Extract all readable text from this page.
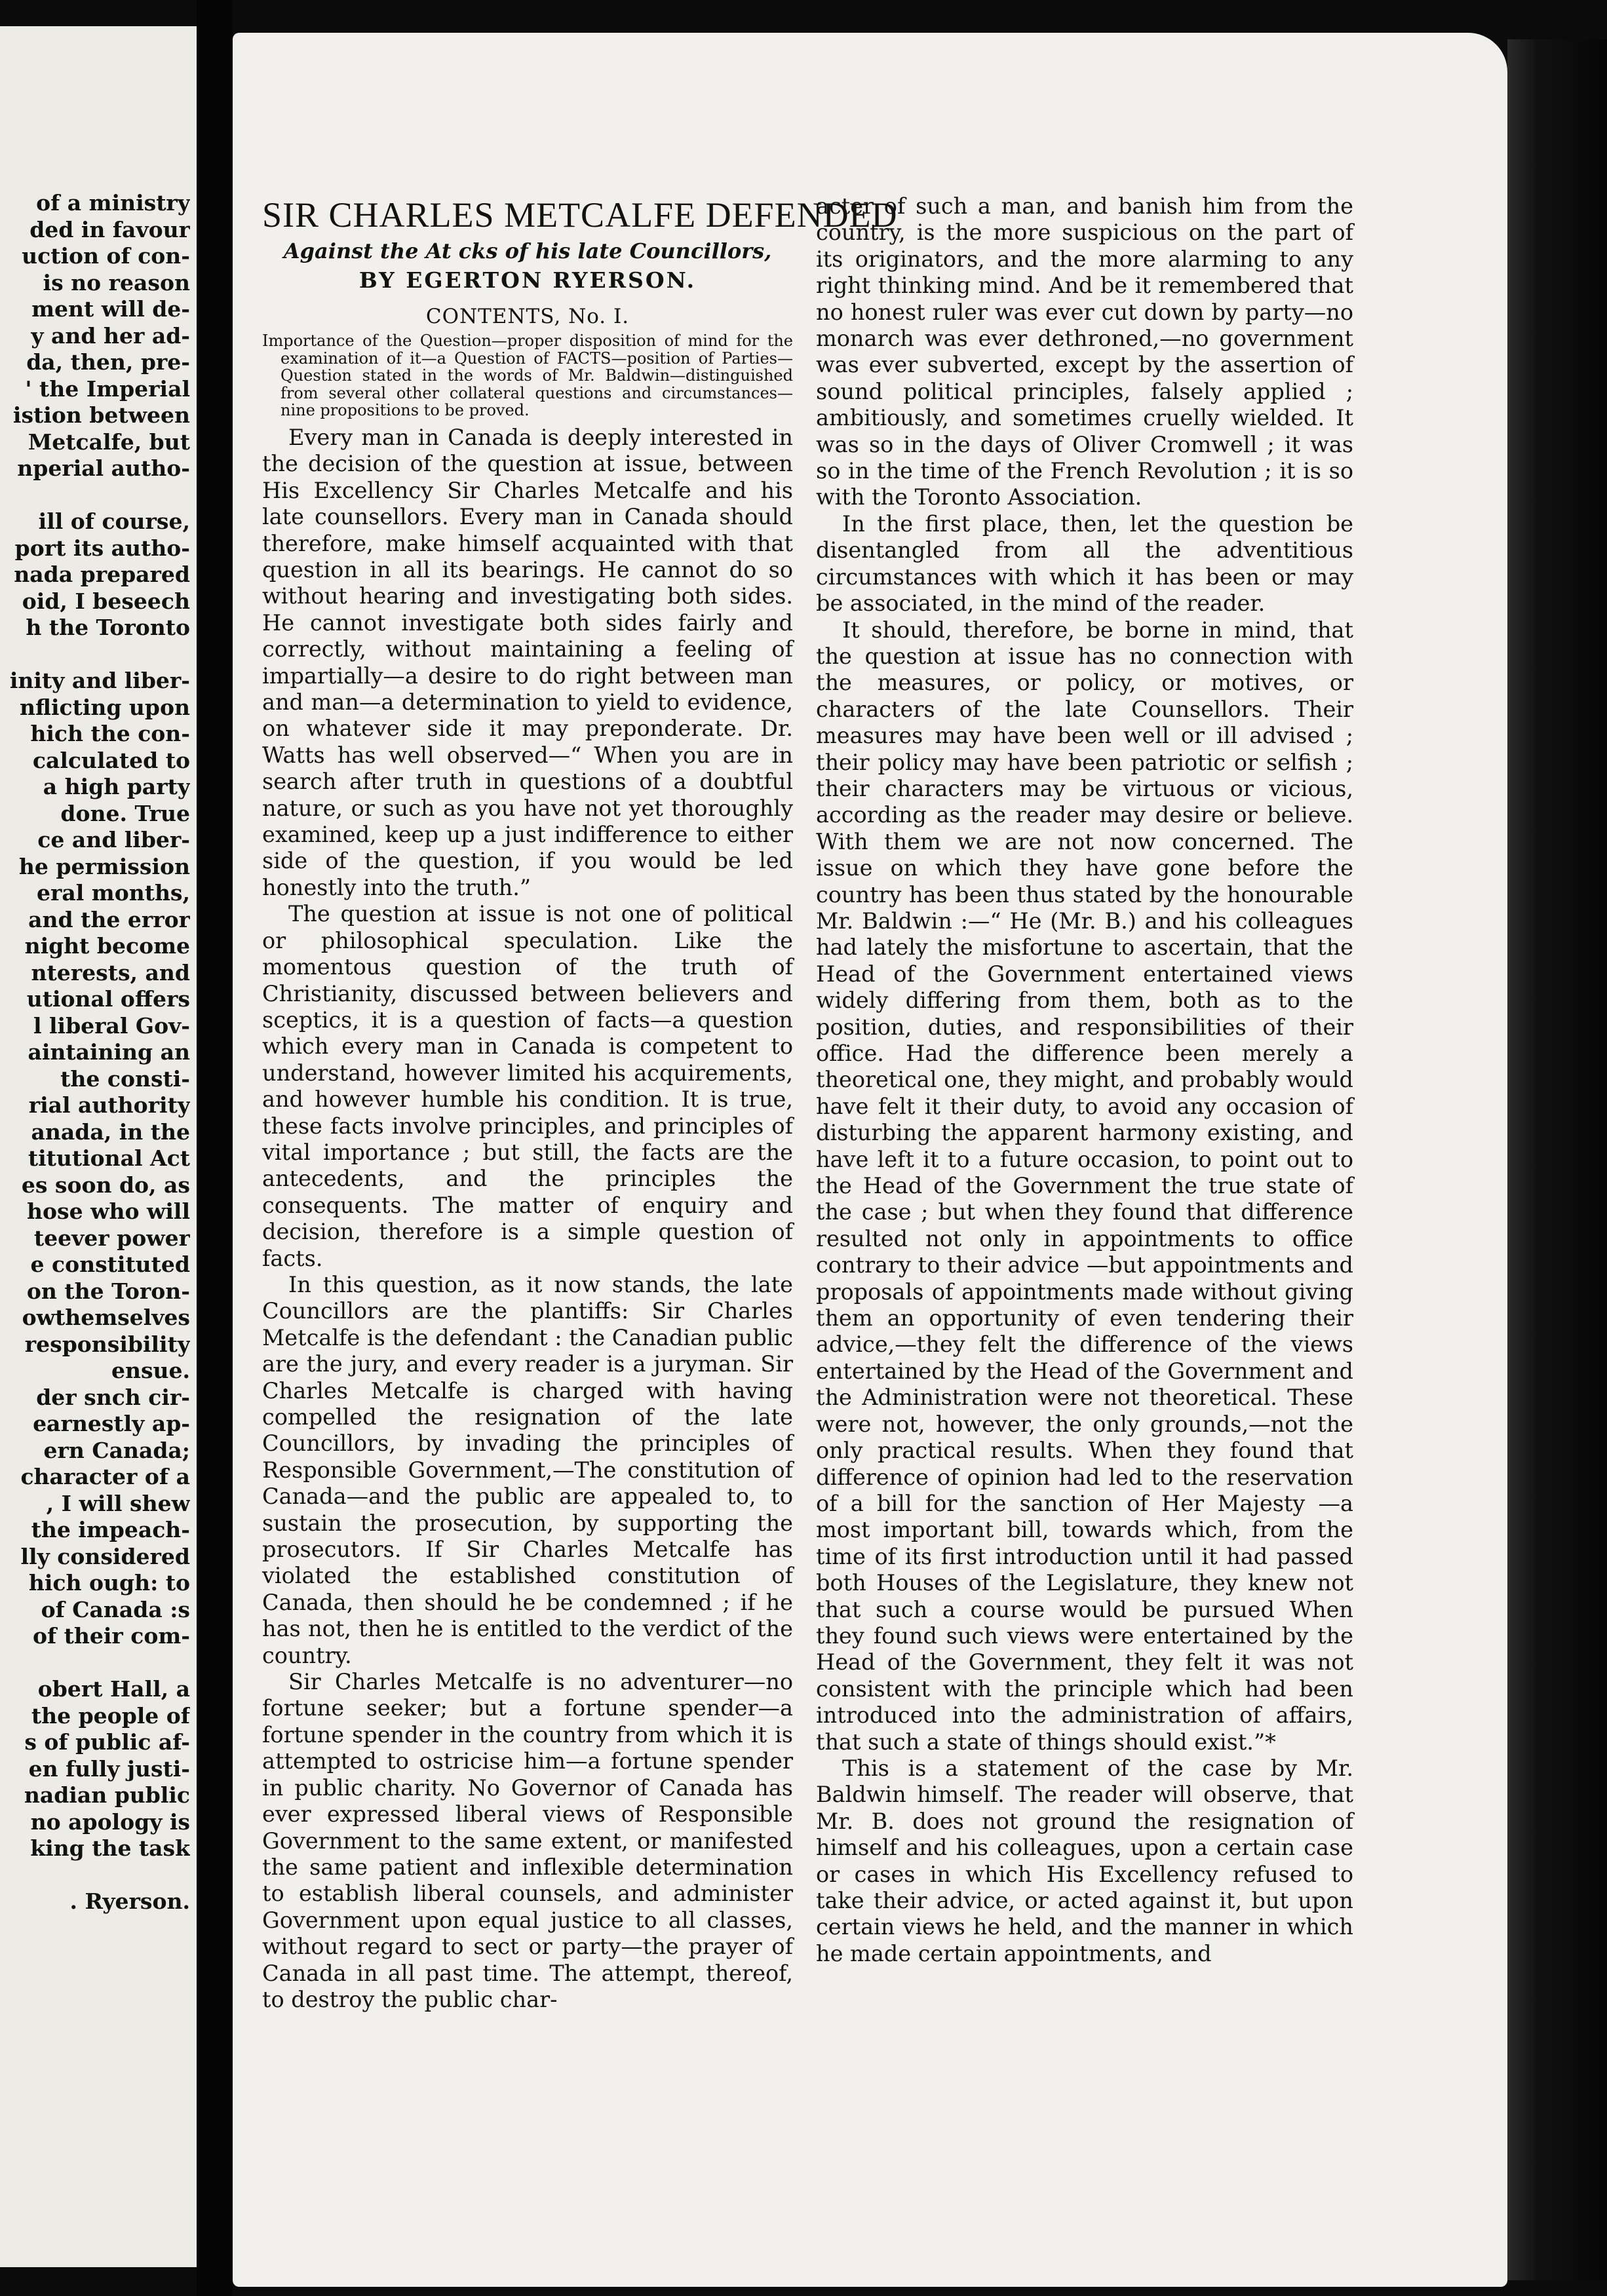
of a ministry
ded in favour
uction of con-
is no reason
ment will de-
y and her ad-
da, then, pre-
' the Imperial
istion between
Metcalfe, but
nperial autho-
ill of course,
port its autho-
nada prepared
oid, I beseech
h the Toronto
inity and liber-
nflicting upon
hich the con-
calculated to
a high party
done. True
ce and liber-
he permission
eral months,
and the error
night become
nterests, and
utional offers
l liberal Gov-
aintaining an
the consti-
rial authority
anada, in the
titutional Act
es soon do, as
hose who will
teever power
e constituted
on the Toron-
owthemselves
responsibility
ensue.
der snch cir-
earnestly ap-
ern Canada;
character of a
, I will shew
the impeach-
lly considered
hich ough: to
of Canada :s
of their com-
obert Hall, a
the people of
s of public af-
en fully justi-
nadian public
no apology is
king the task
. Ryerson.

SIR CHARLES METCALFE DEFENDED

Against the At cks of his late Councillors,

BY EGERTON RYERSON.

CONTENTS, No. I.

Importance of the Question—proper disposition of mind for the examination of it—a Question of FACTS—position of Parties—Question stated in the words of Mr. Baldwin—distinguished from several other collateral questions and circumstances—nine propositions to be proved.

Every man in Canada is deeply interested in the decision of the question at issue, between His Excellency Sir Charles Metcalfe and his late counsellors. Every man in Canada should therefore, make himself acquainted with that question in all its bearings. He cannot do so without hearing and investigating both sides. He cannot investigate both sides fairly and correctly, without maintaining a feeling of impartially—a desire to do right between man and man—a determination to yield to evidence, on whatever side it may preponderate. Dr. Watts has well observed—“ When you are in search after truth in questions of a doubtful nature, or such as you have not yet thoroughly examined, keep up a just indifference to either side of the question, if you would be led honestly into the truth.”

The question at issue is not one of political or philosophical speculation. Like the momentous question of the truth of Christianity, discussed between believers and sceptics, it is a question of facts—a question which every man in Canada is competent to understand, however limited his acquirements, and however humble his condition. It is true, these facts involve principles, and principles of vital importance ; but still, the facts are the antecedents, and the principles the consequents. The matter of enquiry and decision, therefore is a simple question of facts.

In this question, as it now stands, the late Councillors are the plantiffs: Sir Charles Metcalfe is the defendant : the Canadian public are the jury, and every reader is a juryman. Sir Charles Metcalfe is charged with having compelled the resignation of the late Councillors, by invading the principles of Responsible Government,—The constitution of Canada—and the public are appealed to, to sustain the prosecution, by supporting the prosecutors. If Sir Charles Metcalfe has violated the established constitution of Canada, then should he be condemned ; if he has not, then he is entitled to the verdict of the country.

Sir Charles Metcalfe is no adventurer—no fortune seeker; but a fortune spender—a fortune spender in the country from which it is attempted to ostricise him—a fortune spender in public charity. No Governor of Canada has ever expressed liberal views of Responsible Government to the same extent, or manifested the same patient and inflexible determination to establish liberal counsels, and administer Government upon equal justice to all classes, without regard to sect or party—the prayer of Canada in all past time. The attempt, thereof, to destroy the public char-

acter of such a man, and banish him from the country, is the more suspicious on the part of its originators, and the more alarming to any right thinking mind. And be it remembered that no honest ruler was ever cut down by party—no monarch was ever dethroned,—no government was ever subverted, except by the assertion of sound political principles, falsely applied ; ambitiously, and sometimes cruelly wielded. It was so in the days of Oliver Cromwell ; it was so in the time of the French Revolution ; it is so with the Toronto Association.

In the first place, then, let the question be disentangled from all the adventitious circumstances with which it has been or may be associated, in the mind of the reader.

It should, therefore, be borne in mind, that the question at issue has no connection with the measures, or policy, or motives, or characters of the late Counsellors. Their measures may have been well or ill advised ; their policy may have been patriotic or selfish ; their characters may be virtuous or vicious, according as the reader may desire or believe. With them we are not now concerned. The issue on which they have gone before the country has been thus stated by the honourable Mr. Baldwin :—“ He (Mr. B.) and his colleagues had lately the misfortune to ascertain, that the Head of the Government entertained views widely differing from them, both as to the position, duties, and responsibilities of their office. Had the difference been merely a theoretical one, they might, and probably would have felt it their duty, to avoid any occasion of disturbing the apparent harmony existing, and have left it to a future occasion, to point out to the Head of the Government the true state of the case ; but when they found that difference resulted not only in appointments to office contrary to their advice —but appointments and proposals of appointments made without giving them an opportunity of even tendering their advice,—they felt the difference of the views entertained by the Head of the Government and the Administration were not theoretical. These were not, however, the only grounds,—not the only practical results. When they found that difference of opinion had led to the reservation of a bill for the sanction of Her Majesty —a most important bill, towards which, from the time of its first introduction until it had passed both Houses of the Legislature, they knew not that such a course would be pursued When they found such views were entertained by the Head of the Government, they felt it was not consistent with the principle which had been introduced into the administration of affairs, that such a state of things should exist.”*

This is a statement of the case by Mr. Baldwin himself. The reader will observe, that Mr. B. does not ground the resignation of himself and his colleagues, upon a certain case or cases in which His Excellency refused to take their advice, or acted against it, but upon certain views he held, and the manner in which he made certain appointments, and
